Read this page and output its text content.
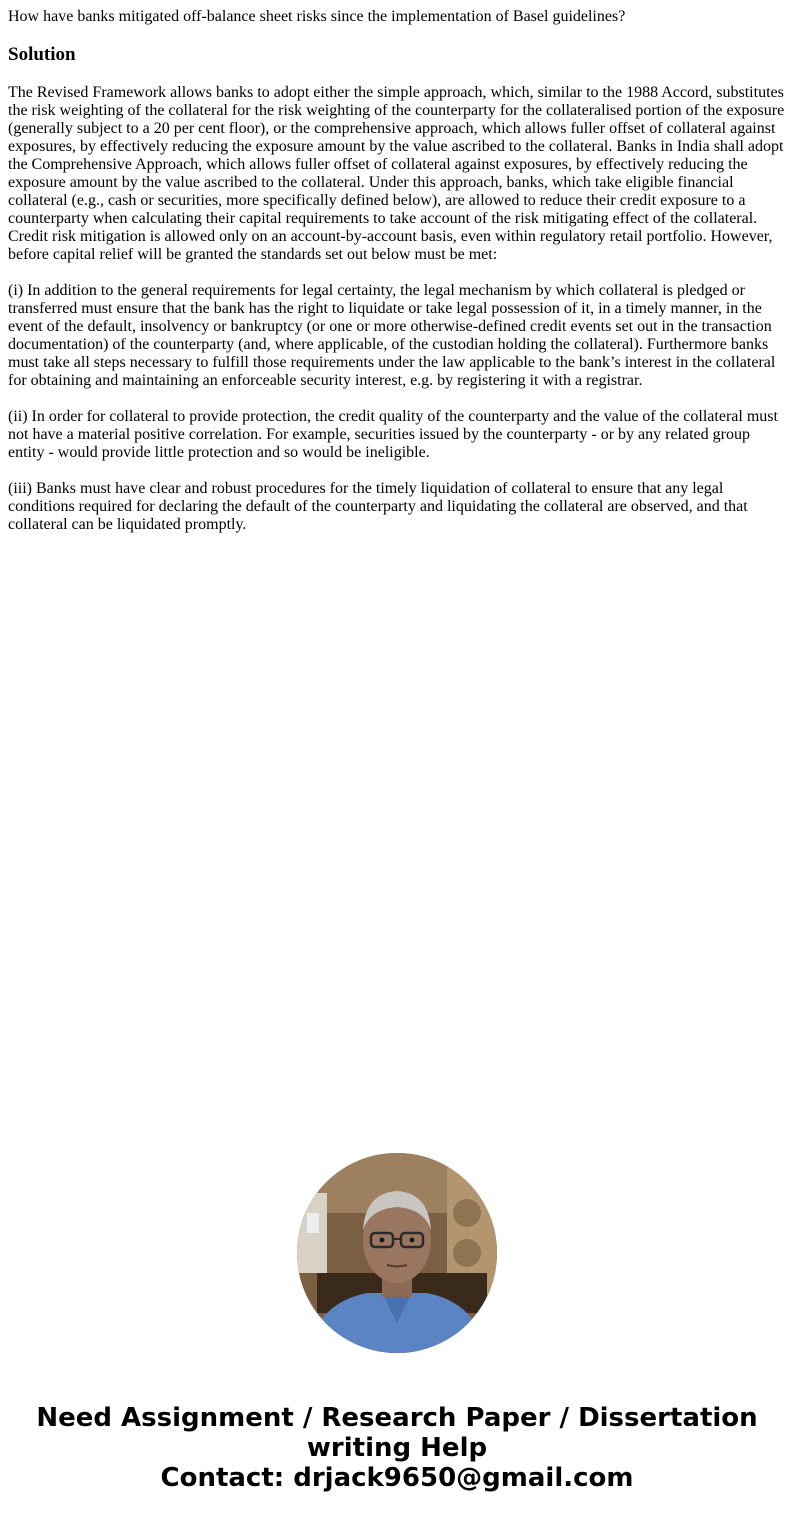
How have banks mitigated off-balance sheet risks since the implementation of Basel guidelines?
Solution

The Revised Framework allows banks to adopt either the simple approach, which, similar to the 1988 Accord, substitutes the risk weighting of the collateral for the risk weighting of the counterparty for the collateralised portion of the exposure (generally subject to a 20 per cent floor), or the comprehensive approach, which allows fuller offset of collateral against exposures, by effectively reducing the exposure amount by the value ascribed to the collateral. Banks in India shall adopt the Comprehensive Approach, which allows fuller offset of collateral against exposures, by effectively reducing the exposure amount by the value ascribed to the collateral. Under this approach, banks, which take eligible financial collateral (e.g., cash or securities, more specifically defined below), are allowed to reduce their credit exposure to a counterparty when calculating their capital requirements to take account of the risk mitigating effect of the collateral. Credit risk mitigation is allowed only on an account-by-account basis, even within regulatory retail portfolio. However, before capital relief will be granted the standards set out below must be met:

(i) In addition to the general requirements for legal certainty, the legal mechanism by which collateral is pledged or transferred must ensure that the bank has the right to liquidate or take legal possession of it, in a timely manner, in the event of the default, insolvency or bankruptcy (or one or more otherwise-defined credit events set out in the transaction documentation) of the counterparty (and, where applicable, of the custodian holding the collateral). Furthermore banks must take all steps necessary to fulfill those requirements under the law applicable to the bank’s interest in the collateral for obtaining and maintaining an enforceable security interest, e.g. by registering it with a registrar.

(ii) In order for collateral to provide protection, the credit quality of the counterparty and the value of the collateral must not have a material positive correlation. For example, securities issued by the counterparty - or by any related group entity - would provide little protection and so would be ineligible.

(iii) Banks must have clear and robust procedures for the timely liquidation of collateral to ensure that any legal conditions required for declaring the default of the counterparty and liquidating the collateral are observed, and that collateral can be liquidated promptly.

Need Assignment / Research Paper / Dissertation
writing Help
Contact: drjack9650@gmail.com
